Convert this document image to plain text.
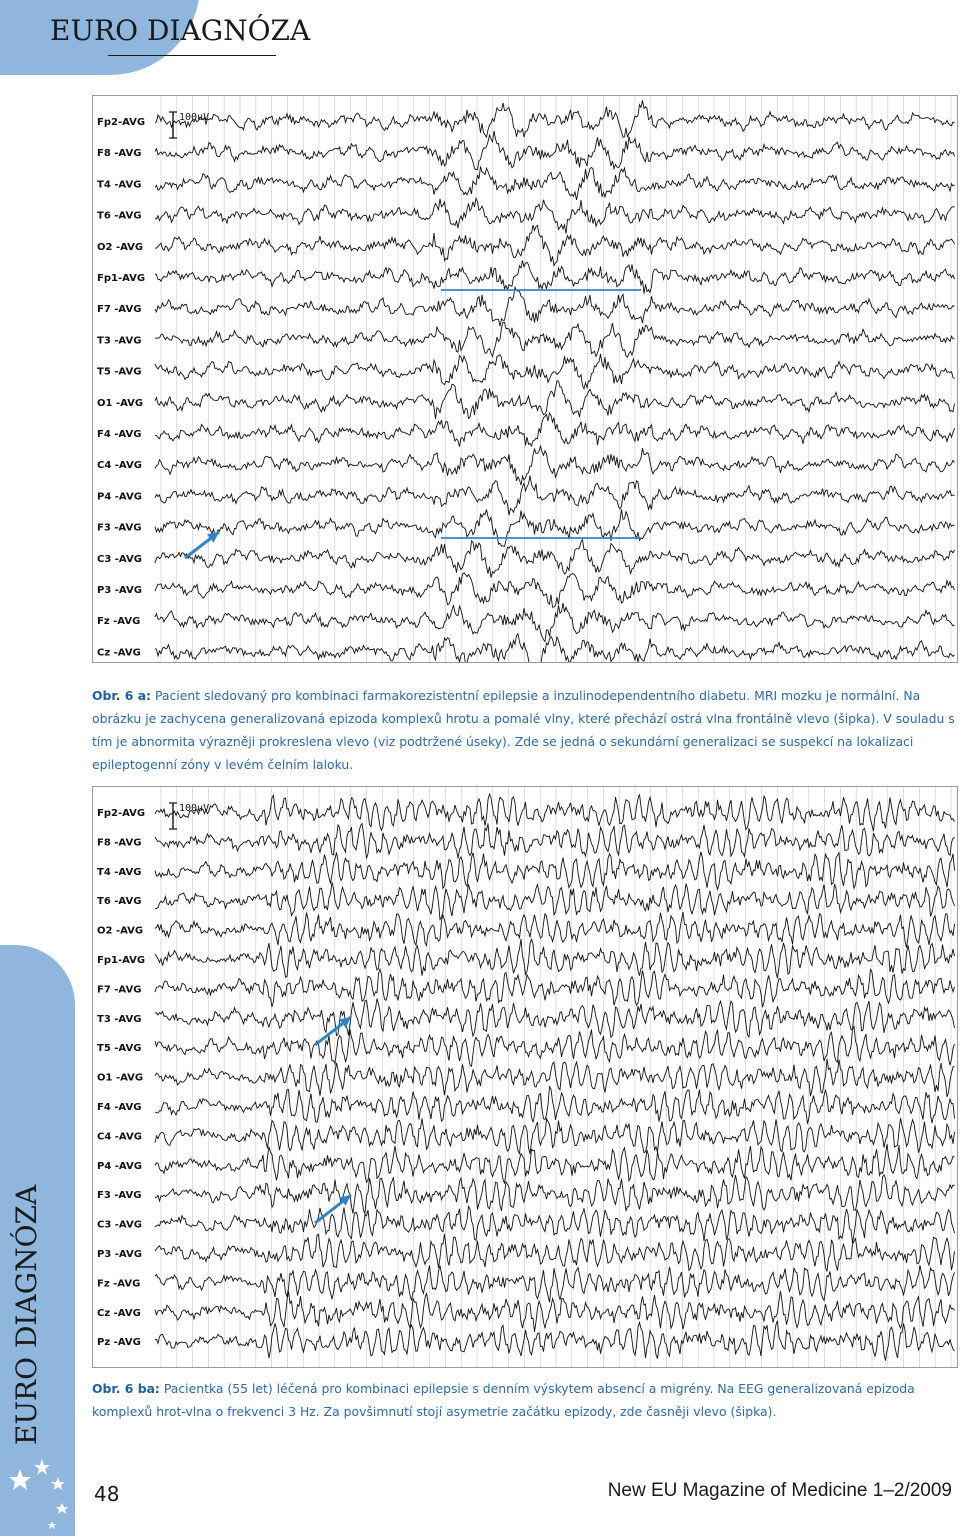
EURO DIAGNÓZA
100uV
Fp2-AVG
F8 -AVG
T4 -AVG
T6 -AVG
O2 -AVG
Fp1-AVG
F7 -AVG
T3 -AVG
T5 -AVG
O1 -AVG
F4 -AVG
C4 -AVG
P4 -AVG
F3 -AVG
C3 -AVG
P3 -AVG
Fz -AVG
Cz -AVG
Obr. 6 a: Pacient sledovaný pro kombinaci farmakorezistentní epilepsie a inzulinodependentního diabetu. MRI mozku je normální. Na obrázku je zachycena generalizovaná epizoda komplexů hrotu a pomalé vlny, které přechází ostrá vlna frontálně vlevo (šipka). V souladu s tím je abnormita výrazněji prokreslena vlevo (viz podtržené úseky). Zde se jedná o sekundární generalizaci se suspekcí na lokalizaci epileptogenní zóny v levém čelním laloku.
100uV
Fp2-AVG
F8 -AVG
T4 -AVG
T6 -AVG
O2 -AVG
Fp1-AVG
F7 -AVG
T3 -AVG
T5 -AVG
O1 -AVG
F4 -AVG
C4 -AVG
P4 -AVG
F3 -AVG
C3 -AVG
P3 -AVG
Fz -AVG
Cz -AVG
Pz -AVG
Obr. 6 ba: Pacientka (55 let) léčená pro kombinaci epilepsie s denním výskytem absencí a migrény. Na EEG generalizovaná epizoda komplexů hrot-vlna o frekvenci 3 Hz. Za povšimnutí stojí asymetrie začátku epizody, zde časněji vlevo (šipka).
EURO DIAGNÓZA
48	New EU Magazine of Medicine 1–2/2009
